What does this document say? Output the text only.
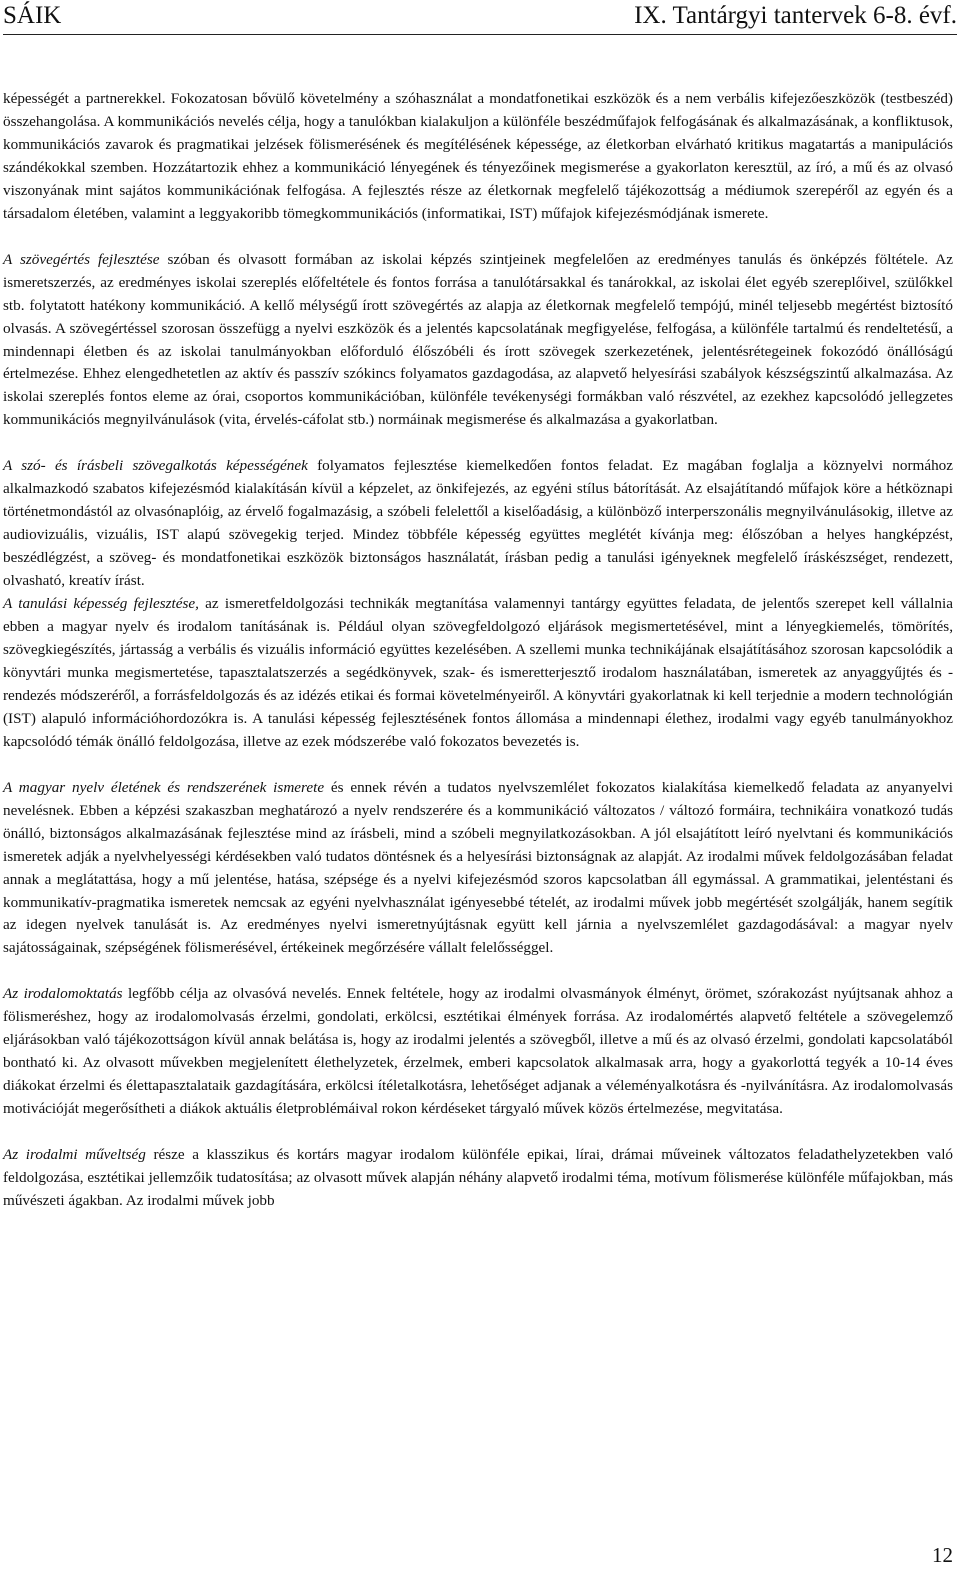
SÁIK	IX. Tantárgyi tantervek 6-8. évf.

képességét a partnerekkel. Fokozatosan bővülő követelmény a szóhasználat a mondatfonetikai eszközök és a nem verbális kifejezőeszközök (testbeszéd) összehangolása. A kommunikációs nevelés célja, hogy a tanulókban kialakuljon a különféle beszédműfajok felfogásának és alkalmazásának, a konfliktusok, kommunikációs zavarok és pragmatikai jelzések fölismerésének és megítélésének képessége, az életkorban elvárható kritikus magatartás a manipulációs szándékokkal szemben. Hozzátartozik ehhez a kommunikáció lényegének és tényezőinek megismerése a gyakorlaton keresztül, az író, a mű és az olvasó viszonyának mint sajátos kommunikációnak felfogása. A fejlesztés része az életkornak megfelelő tájékozottság a médiumok szerepéről az egyén és a társadalom életében, valamint a leggyakoribb tömegkommunikációs (informatikai, IST) műfajok kifejezésmódjának ismerete.

A szövegértés fejlesztése szóban és olvasott formában az iskolai képzés szintjeinek megfelelően az eredményes tanulás és önképzés föltétele. Az ismeretszerzés, az eredményes iskolai szereplés előfeltétele és fontos forrása a tanulótársakkal és tanárokkal, az iskolai élet egyéb szereplőivel, szülőkkel stb. folytatott hatékony kommunikáció. A kellő mélységű írott szövegértés az alapja az életkornak megfelelő tempójú, minél teljesebb megértést biztosító olvasás. A szövegértéssel szorosan összefügg a nyelvi eszközök és a jelentés kapcsolatának megfigyelése, felfogása, a különféle tartalmú és rendeltetésű, a mindennapi életben és az iskolai tanulmányokban előforduló élőszóbéli és írott szövegek szerkezetének, jelentésrétegeinek fokozódó önállóságú értelmezése. Ehhez elengedhetetlen az aktív és passzív szókincs folyamatos gazdagodása, az alapvető helyesírási szabályok készségszintű alkalmazása. Az iskolai szereplés fontos eleme az órai, csoportos kommunikációban, különféle tevékenységi formákban való részvétel, az ezekhez kapcsolódó jellegzetes kommunikációs megnyilvánulások (vita, érvelés-cáfolat stb.) normáinak megismerése és alkalmazása a gyakorlatban.

A szó- és írásbeli szövegalkotás képességének folyamatos fejlesztése kiemelkedően fontos feladat. Ez magában foglalja a köznyelvi normához alkalmazkodó szabatos kifejezésmód kialakításán kívül a képzelet, az önkifejezés, az egyéni stílus bátorítását. Az elsajátítandó műfajok köre a hétköznapi történetmondástól az olvasónaplóig, az érvelő fogalmazásig, a szóbeli felelettől a kiselőadásig, a különböző interperszonális megnyilvánulásokig, illetve az audiovizuális, vizuális, IST alapú szövegekig terjed. Mindez többféle képesség együttes meglétét kívánja meg: élőszóban a helyes hangképzést, beszédlégzést, a szöveg- és mondatfonetikai eszközök biztonságos használatát, írásban pedig a tanulási igényeknek megfelelő íráskészséget, rendezett, olvasható, kreatív írást.

A tanulási képesség fejlesztése, az ismeretfeldolgozási technikák megtanítása valamennyi tantárgy együttes feladata, de jelentős szerepet kell vállalnia ebben a magyar nyelv és irodalom tanításának is. Például olyan szövegfeldolgozó eljárások megismertetésével, mint a lényegkiemelés, tömörítés, szövegkiegészítés, jártasság a verbális és vizuális információ együttes kezelésében. A szellemi munka technikájának elsajátításához szorosan kapcsolódik a könyvtári munka megismertetése, tapasztalatszerzés a segédkönyvek, szak- és ismeretterjesztő irodalom használatában, ismeretek az anyaggyűjtés és -rendezés módszeréről, a forrásfeldolgozás és az idézés etikai és formai követelményeiről. A könyvtári gyakorlatnak ki kell terjednie a modern technológián (IST) alapuló információhordozókra is. A tanulási képesség fejlesztésének fontos állomása a mindennapi élethez, irodalmi vagy egyéb tanulmányokhoz kapcsolódó témák önálló feldolgozása, illetve az ezek módszerébe való fokozatos bevezetés is.

A magyar nyelv életének és rendszerének ismerete és ennek révén a tudatos nyelvszemlélet fokozatos kialakítása kiemelkedő feladata az anyanyelvi nevelésnek. Ebben a képzési szakaszban meghatározó a nyelv rendszerére és a kommunikáció változatos / változó formáira, technikáira vonatkozó tudás önálló, biztonságos alkalmazásának fejlesztése mind az írásbeli, mind a szóbeli megnyilatkozásokban. A jól elsajátított leíró nyelvtani és kommunikációs ismeretek adják a nyelvhelyességi kérdésekben való tudatos döntésnek és a helyesírási biztonságnak az alapját. Az irodalmi művek feldolgozásában feladat annak a meglátattása, hogy a mű jelentése, hatása, szépsége és a nyelvi kifejezésmód szoros kapcsolatban áll egymással. A grammatikai, jelentéstani és kommunikatív-pragmatika ismeretek nemcsak az egyéni nyelvhasználat igényesebbé tételét, az irodalmi művek jobb megértését szolgálják, hanem segítik az idegen nyelvek tanulását is. Az eredményes nyelvi ismeretnyújtásnak együtt kell járnia a nyelvszemlélet gazdagodásával: a magyar nyelv sajátosságainak, szépségének fölismerésével, értékeinek megőrzésére vállalt felelősséggel.

Az irodalomoktatás legfőbb célja az olvasóvá nevelés. Ennek feltétele, hogy az irodalmi olvasmányok élményt, örömet, szórakozást nyújtsanak ahhoz a fölismeréshez, hogy az irodalomolvasás érzelmi, gondolati, erkölcsi, esztétikai élmények forrása. Az irodalomértés alapvető feltétele a szövegelemző eljárásokban való tájékozottságon kívül annak belátása is, hogy az irodalmi jelentés a szövegből, illetve a mű és az olvasó érzelmi, gondolati kapcsolatából bontható ki. Az olvasott művekben megjelenített élethelyzetek, érzelmek, emberi kapcsolatok alkalmasak arra, hogy a gyakorlottá tegyék a 10-14 éves diákokat érzelmi és élettapasztalataik gazdagítására, erkölcsi ítéletalkotásra, lehetőséget adjanak a véleményalkotásra és -nyilvánításra. Az irodalomolvasás motivációját megerősítheti a diákok aktuális életproblémáival rokon kérdéseket tárgyaló művek közös értelmezése, megvitatása.

Az irodalmi műveltség része a klasszikus és kortárs magyar irodalom különféle epikai, lírai, drámai műveinek változatos feladathelyzetekben való feldolgozása, esztétikai jellemzőik tudatosítása; az olvasott művek alapján néhány alapvető irodalmi téma, motívum fölismerése különféle műfajokban, más művészeti ágakban. Az irodalmi művek jobb

12
